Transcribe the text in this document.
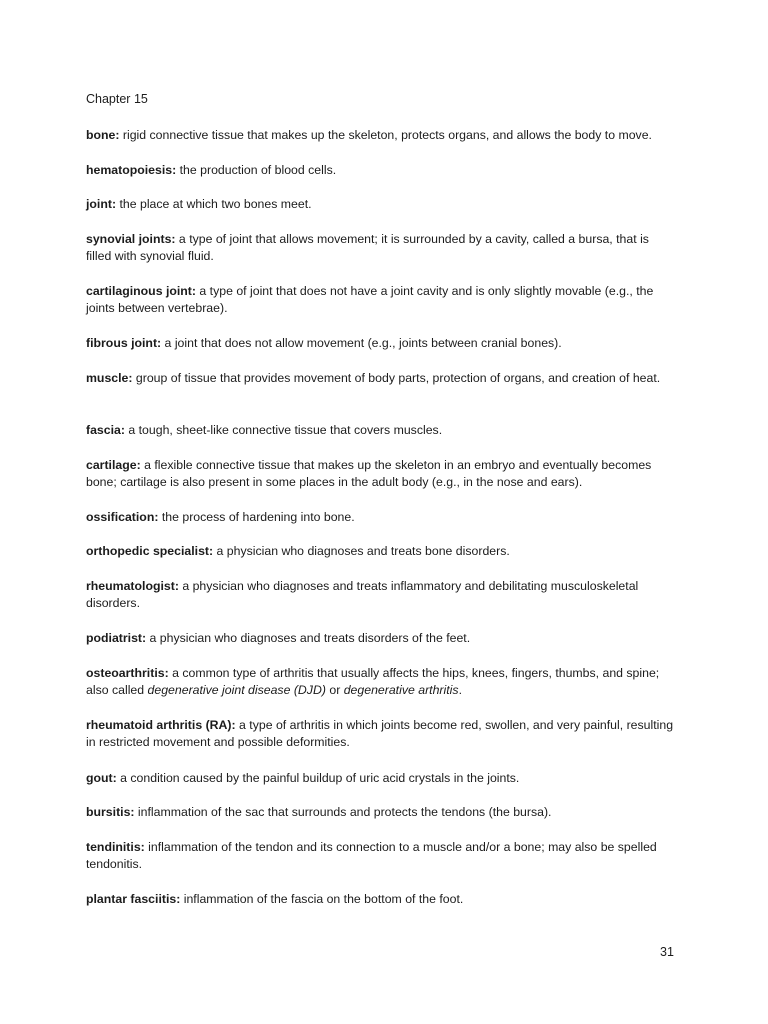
Chapter 15

bone: rigid connective tissue that makes up the skeleton, protects organs, and allows the body to move.

hematopoiesis: the production of blood cells.

joint: the place at which two bones meet.

synovial joints: a type of joint that allows movement; it is surrounded by a cavity, called a bursa, that is filled with synovial fluid.

cartilaginous joint: a type of joint that does not have a joint cavity and is only slightly movable (e.g., the joints between vertebrae).

fibrous joint: a joint that does not allow movement (e.g., joints between cranial bones).

muscle: group of tissue that provides movement of body parts, protection of organs, and creation of heat.

fascia: a tough, sheet-like connective tissue that covers muscles.

cartilage: a flexible connective tissue that makes up the skeleton in an embryo and eventually becomes bone; cartilage is also present in some places in the adult body (e.g., in the nose and ears).

ossification: the process of hardening into bone.

orthopedic specialist: a physician who diagnoses and treats bone disorders.

rheumatologist: a physician who diagnoses and treats inflammatory and debilitating musculoskeletal disorders.

podiatrist: a physician who diagnoses and treats disorders of the feet.

osteoarthritis: a common type of arthritis that usually affects the hips, knees, fingers, thumbs, and spine; also called degenerative joint disease (DJD) or degenerative arthritis.

rheumatoid arthritis (RA): a type of arthritis in which joints become red, swollen, and very painful, resulting in restricted movement and possible deformities.

gout: a condition caused by the painful buildup of uric acid crystals in the joints.

bursitis: inflammation of the sac that surrounds and protects the tendons (the bursa).

tendinitis: inflammation of the tendon and its connection to a muscle and/or a bone; may also be spelled tendonitis.

plantar fasciitis: inflammation of the fascia on the bottom of the foot.

31
